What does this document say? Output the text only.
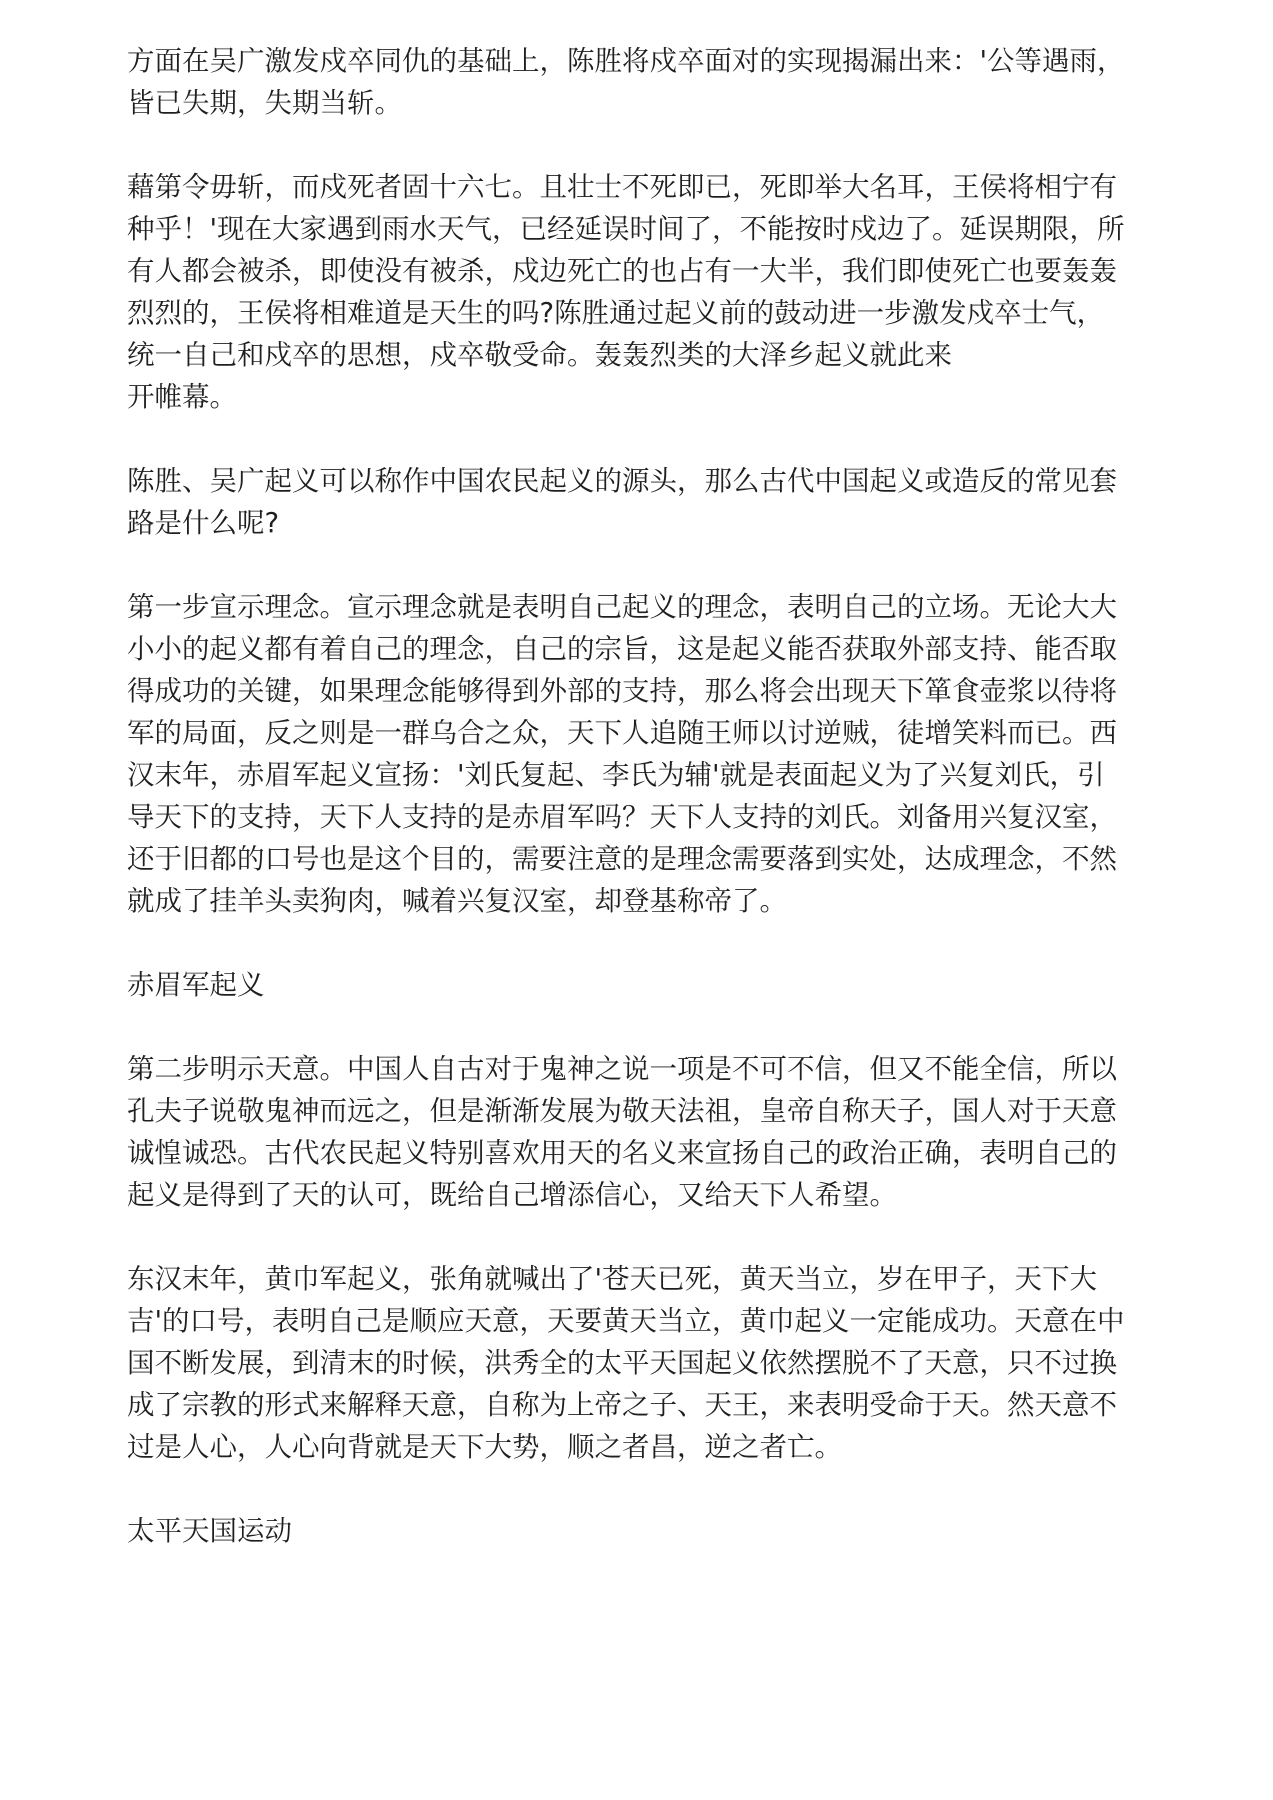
方面在吴广激发戍卒同仇的基础上，陈胜将戍卒面对的实现揭漏出来：'公等遇雨，
皆已失期，失期当斩。
藉第令毋斩，而戍死者固十六七。且壮士不死即已，死即举大名耳，王侯将相宁有
种乎！'现在大家遇到雨水天气，已经延误时间了，不能按时戍边了。延误期限，所
有人都会被杀，即使没有被杀，戍边死亡的也占有一大半，我们即使死亡也要轰轰
烈烈的，王侯将相难道是天生的吗?陈胜通过起义前的鼓动进一步激发戍卒士气，
统一自己和戍卒的思想，戍卒敬受命。轰轰烈类的大泽乡起义就此来
开帷幕。
陈胜、吴广起义可以称作中国农民起义的源头，那么古代中国起义或造反的常见套
路是什么呢?
第一步宣示理念。宣示理念就是表明自己起义的理念，表明自己的立场。无论大大
小小的起义都有着自己的理念，自己的宗旨，这是起义能否获取外部支持、能否取
得成功的关键，如果理念能够得到外部的支持，那么将会出现天下箪食壶浆以待将
军的局面，反之则是一群乌合之众，天下人追随王师以讨逆贼，徒增笑料而已。西
汉末年，赤眉军起义宣扬：'刘氏复起、李氏为辅'就是表面起义为了兴复刘氏，引
导天下的支持，天下人支持的是赤眉军吗？天下人支持的刘氏。刘备用兴复汉室，
还于旧都的口号也是这个目的，需要注意的是理念需要落到实处，达成理念，不然
就成了挂羊头卖狗肉，喊着兴复汉室，却登基称帝了。
赤眉军起义
第二步明示天意。中国人自古对于鬼神之说一项是不可不信，但又不能全信，所以
孔夫子说敬鬼神而远之，但是渐渐发展为敬天法祖，皇帝自称天子，国人对于天意
诚惶诚恐。古代农民起义特别喜欢用天的名义来宣扬自己的政治正确，表明自己的
起义是得到了天的认可，既给自己增添信心，又给天下人希望。
东汉末年，黄巾军起义，张角就喊出了'苍天已死，黄天当立，岁在甲子，天下大
吉'的口号，表明自己是顺应天意，天要黄天当立，黄巾起义一定能成功。天意在中
国不断发展，到清末的时候，洪秀全的太平天国起义依然摆脱不了天意，只不过换
成了宗教的形式来解释天意，自称为上帝之子、天王，来表明受命于天。然天意不
过是人心，人心向背就是天下大势，顺之者昌，逆之者亡。
太平天国运动
